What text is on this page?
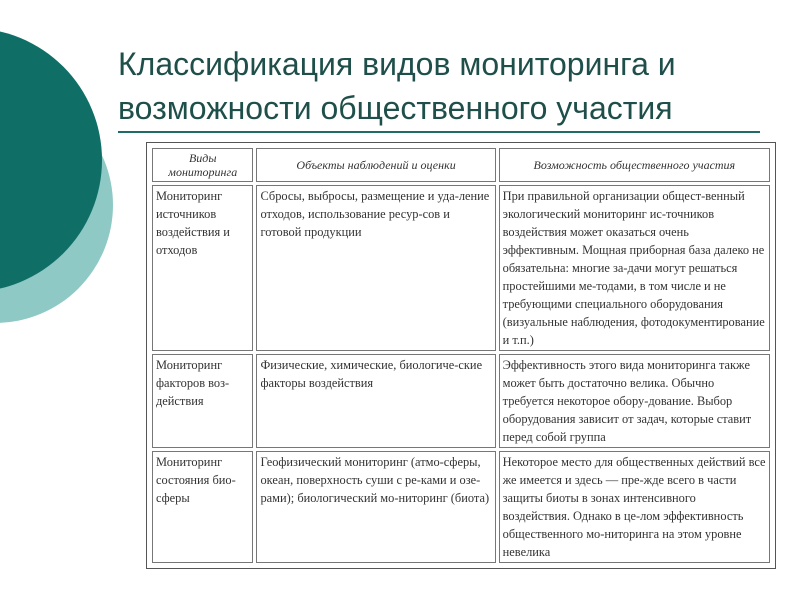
Классификация видов мониторинга и
возможности общественного участия
Виды мониторинга	Объекты наблюдений и оценки	Возможность общественного участия
Мониторинг источников воздействия и отходов	Сбросы, выбросы, размещение и уда-ление отходов, использование ресур-сов и готовой продукции	При правильной организации общест-венный экологический мониторинг ис-точников воздействия может оказаться очень эффективным. Мощная приборная база далеко не обязательна: многие за-дачи могут решаться простейшими ме-тодами, в том числе и не требующими специального оборудования (визуальные наблюдения, фотодокументирование и т.п.)
Мониторинг факторов воз-действия	Физические, химические, биологиче-ские факторы воздействия	Эффективность этого вида мониторинга также может быть достаточно велика. Обычно требуется некоторое обору-дование. Выбор оборудования зависит от задач, которые ставит перед собой группа
Мониторинг состояния био-сферы	Геофизический мониторинг (атмо-сферы, океан, поверхность суши с ре-ками и озе-рами); биологический мо-ниторинг (биота)	Некоторое место для общественных действий все же имеется и здесь — пре-жде всего в части защиты биоты в зонах интенсивного воздействия. Однако в це-лом эффективность общественного мо-ниторинга на этом уровне невелика
